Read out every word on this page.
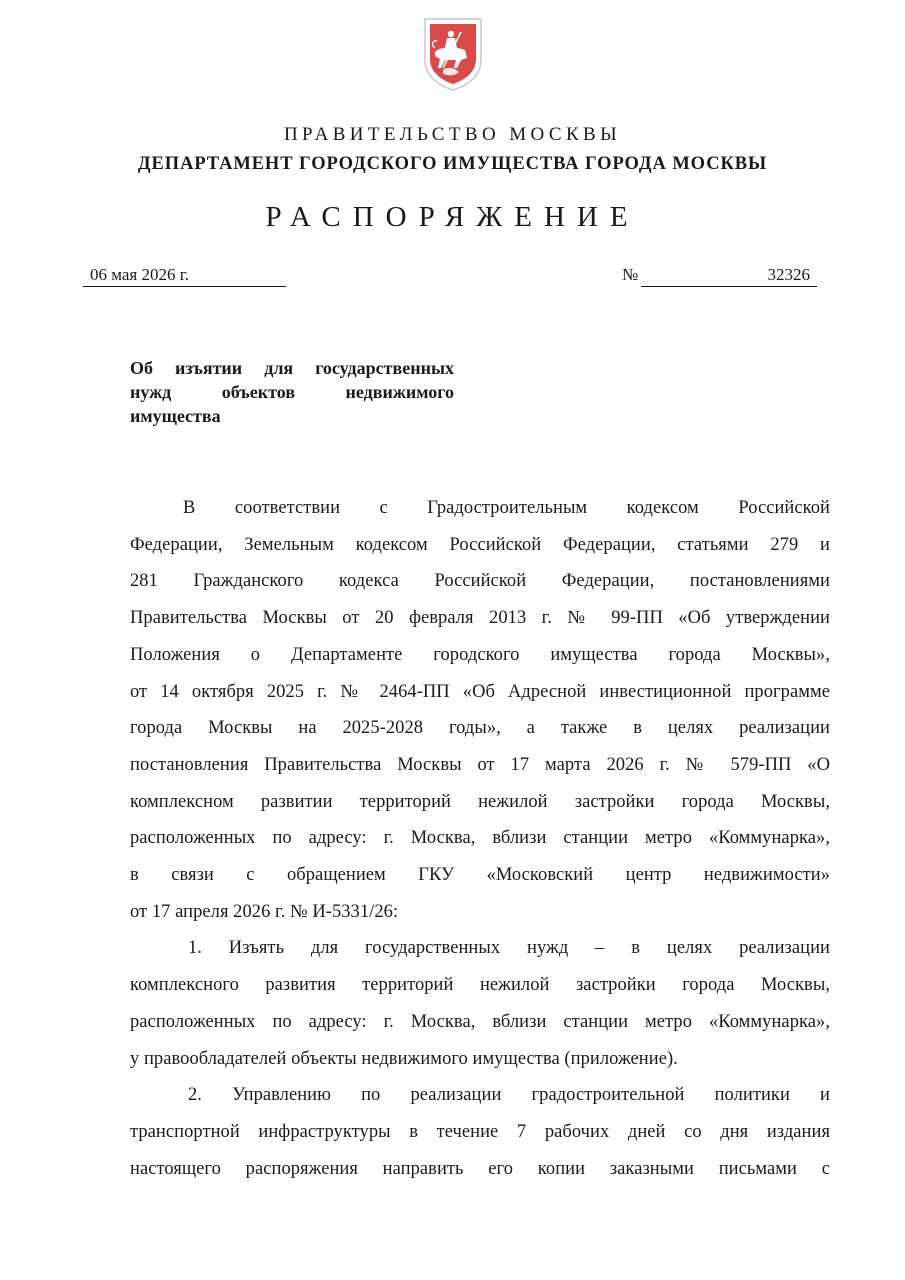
ПРАВИТЕЛЬСТВО МОСКВЫ
ДЕПАРТАМЕНТ ГОРОДСКОГО ИМУЩЕСТВА ГОРОДА МОСКВЫ
РАСПОРЯЖЕНИЕ
06 мая 2026 г.	№	32326
Об изъятии для государственных
нужд объектов недвижимого
имущества
В соответствии с Градостроительным кодексом Российской
Федерации, Земельным кодексом Российской Федерации, статьями 279 и
281 Гражданского кодекса Российской Федерации, постановлениями
Правительства Москвы от 20 февраля 2013 г. № 99-ПП «Об утверждении
Положения о Департаменте городского имущества города Москвы»,
от 14 октября 2025 г. № 2464-ПП «Об Адресной инвестиционной программе
города Москвы на 2025-2028 годы», а также в целях реализации
постановления Правительства Москвы от 17 марта 2026 г. № 579-ПП «О
комплексном развитии территорий нежилой застройки города Москвы,
расположенных по адресу: г. Москва, вблизи станции метро «Коммунарка»,
в связи с обращением ГКУ «Московский центр недвижимости»
от 17 апреля 2026 г. № И-5331/26:
1. Изъять для государственных нужд – в целях реализации
комплексного развития территорий нежилой застройки города Москвы,
расположенных по адресу: г. Москва, вблизи станции метро «Коммунарка»,
у правообладателей объекты недвижимого имущества (приложение).
2. Управлению по реализации градостроительной политики и
транспортной инфраструктуры в течение 7 рабочих дней со дня издания
настоящего распоряжения направить его копии заказными письмами с
